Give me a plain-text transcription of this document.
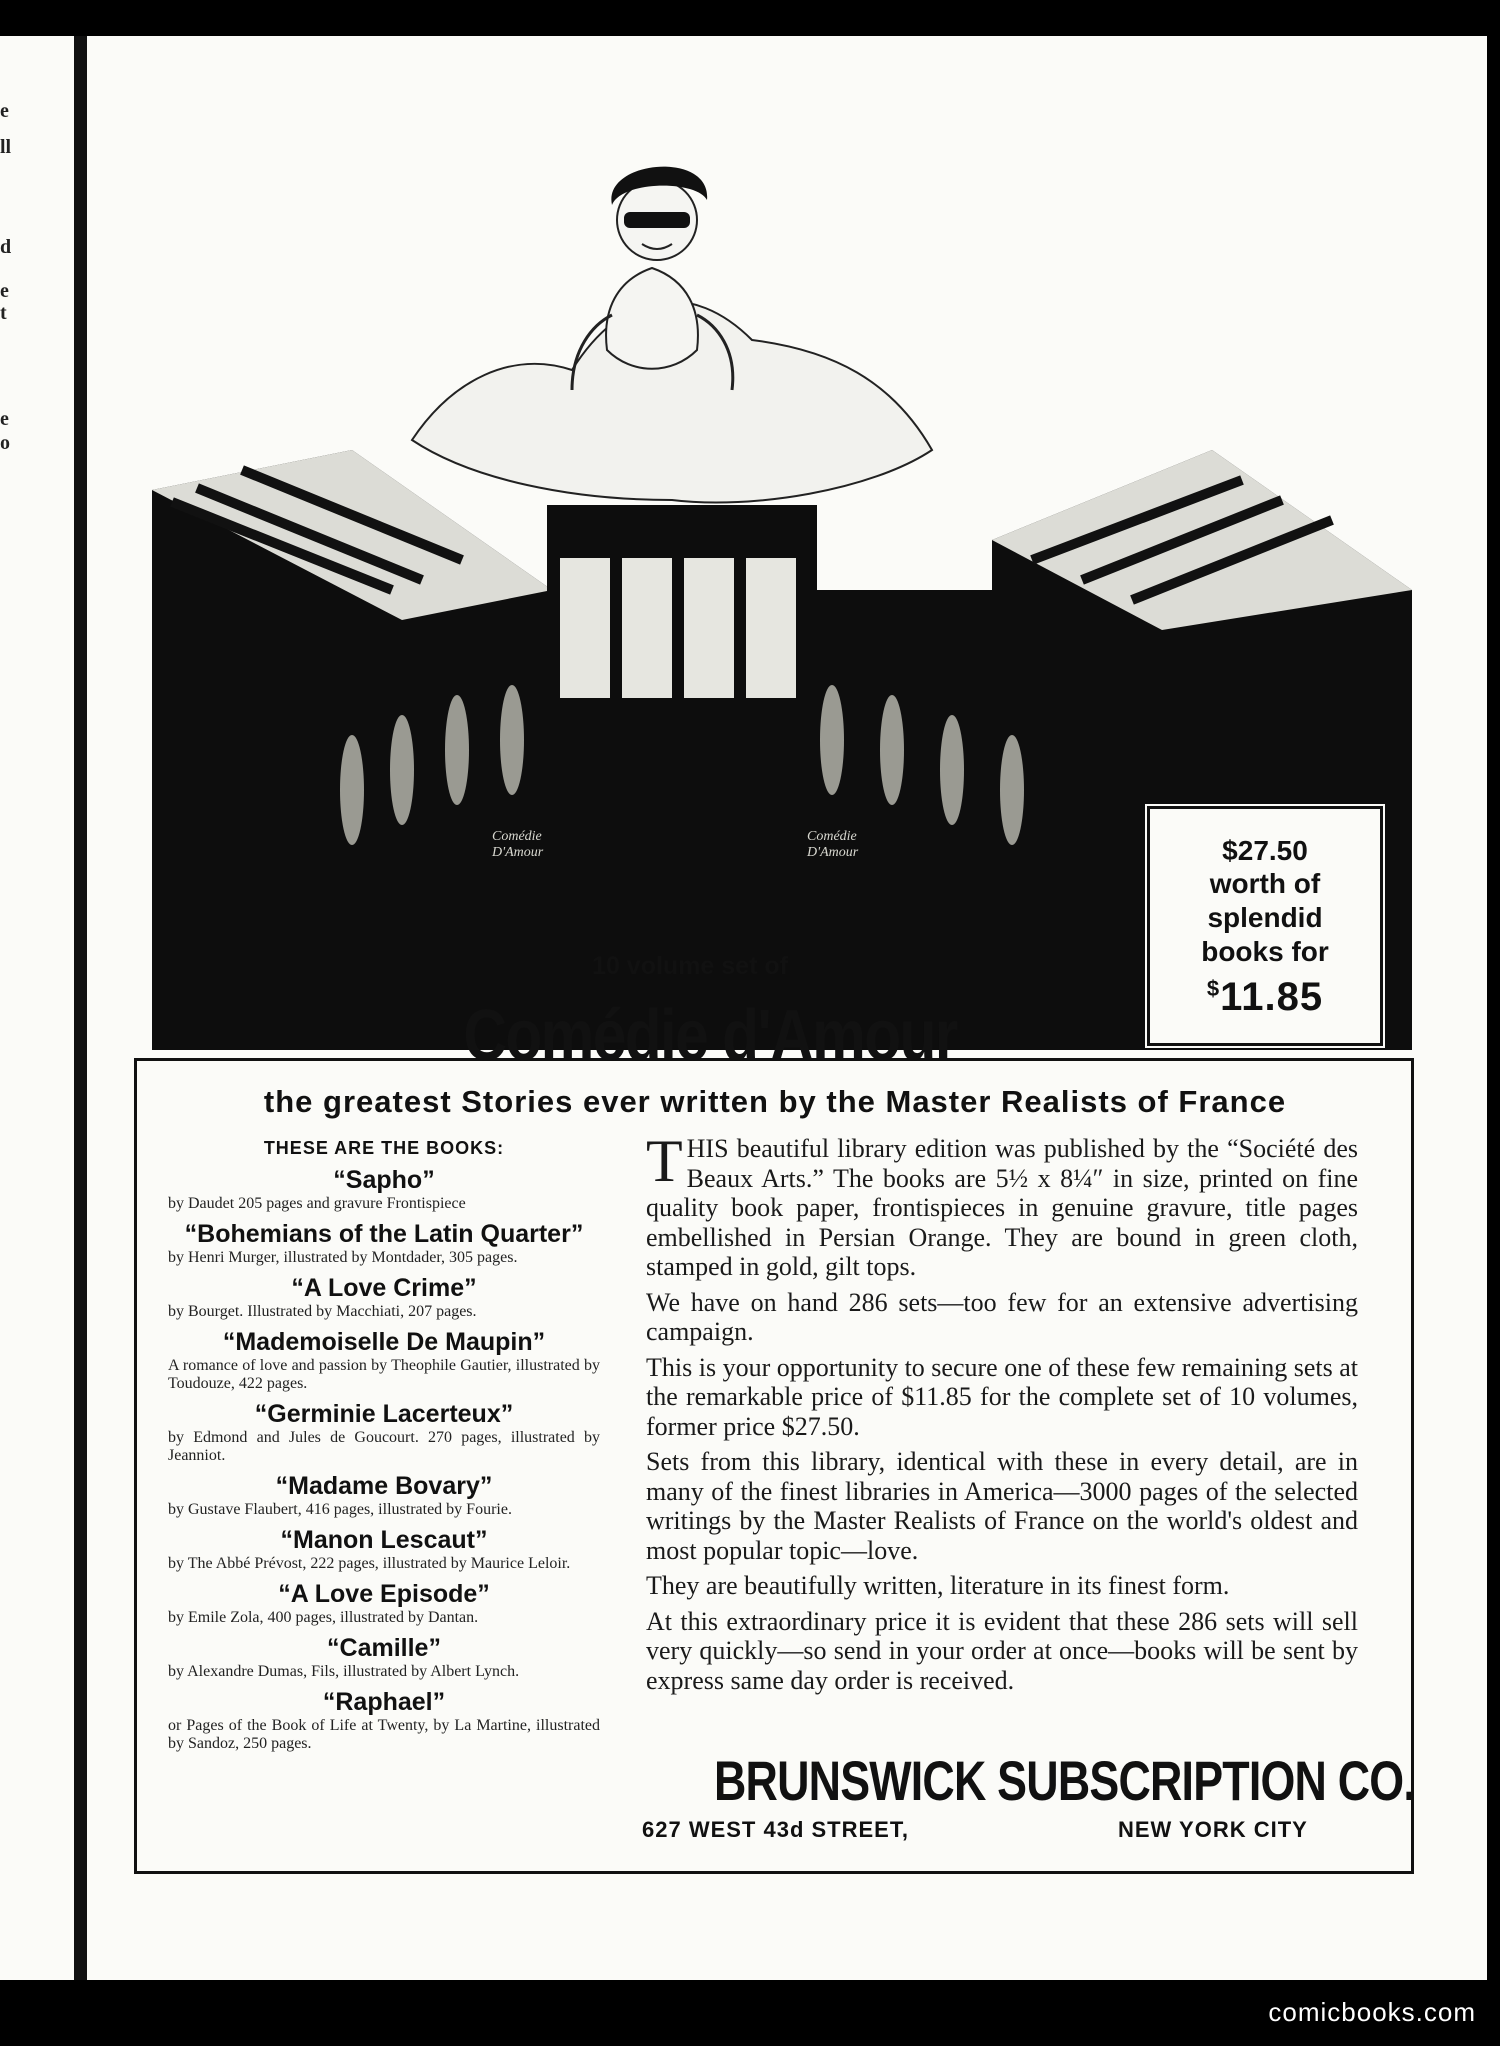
e
ll
d
e
t
e
o
Comédie
D'Amour
Comédie
D'Amour	$27.50
worth of
splendid
books for
$11.85
10 volume set of
Comédie d'Amour
the greatest Stories ever written by the Master Realists of France
THESE ARE THE BOOKS:
“Sapho”
by Daudet 205 pages and gravure Frontispiece
“Bohemians of the Latin Quarter”
by Henri Murger, illustrated by Montdader, 305 pages.
“A Love Crime”
by Bourget. Illustrated by Macchiati, 207 pages.
“Mademoiselle De Maupin”
A romance of love and passion by Theophile Gautier, illustrated by Toudouze, 422 pages.
“Germinie Lacerteux”
by Edmond and Jules de Goucourt. 270 pages, illustrated by Jeanniot.
“Madame Bovary”
by Gustave Flaubert, 416 pages, illustrated by Fourie.
“Manon Lescaut”
by The Abbé Prévost, 222 pages, illustrated by Maurice Leloir.
“A Love Episode”
by Emile Zola, 400 pages, illustrated by Dantan.
“Camille”
by Alexandre Dumas, Fils, illustrated by Albert Lynch.
“Raphael”
or Pages of the Book of Life at Twenty, by La Martine, illustrated by Sandoz, 250 pages.

THIS beautiful library edition was published by the “Société des Beaux Arts.” The books are 5½ x 8¼″ in size, printed on fine quality book paper, frontispieces in genuine gravure, title pages embellished in Persian Orange. They are bound in green cloth, stamped in gold, gilt tops.

We have on hand 286 sets—too few for an extensive advertising campaign.

This is your opportunity to secure one of these few remaining sets at the remarkable price of $11.85 for the complete set of 10 volumes, former price $27.50.

Sets from this library, identical with these in every detail, are in many of the finest libraries in America—3000 pages of the selected writings by the Master Realists of France on the world's oldest and most popular topic—love.

They are beautifully written, literature in its finest form.

At this extraordinary price it is evident that these 286 sets will sell very quickly—so send in your order at once—books will be sent by express same day order is received.

BRUNSWICK SUBSCRIPTION CO.
627 WEST 43d STREET,	NEW YORK CITY
comicbooks.com
